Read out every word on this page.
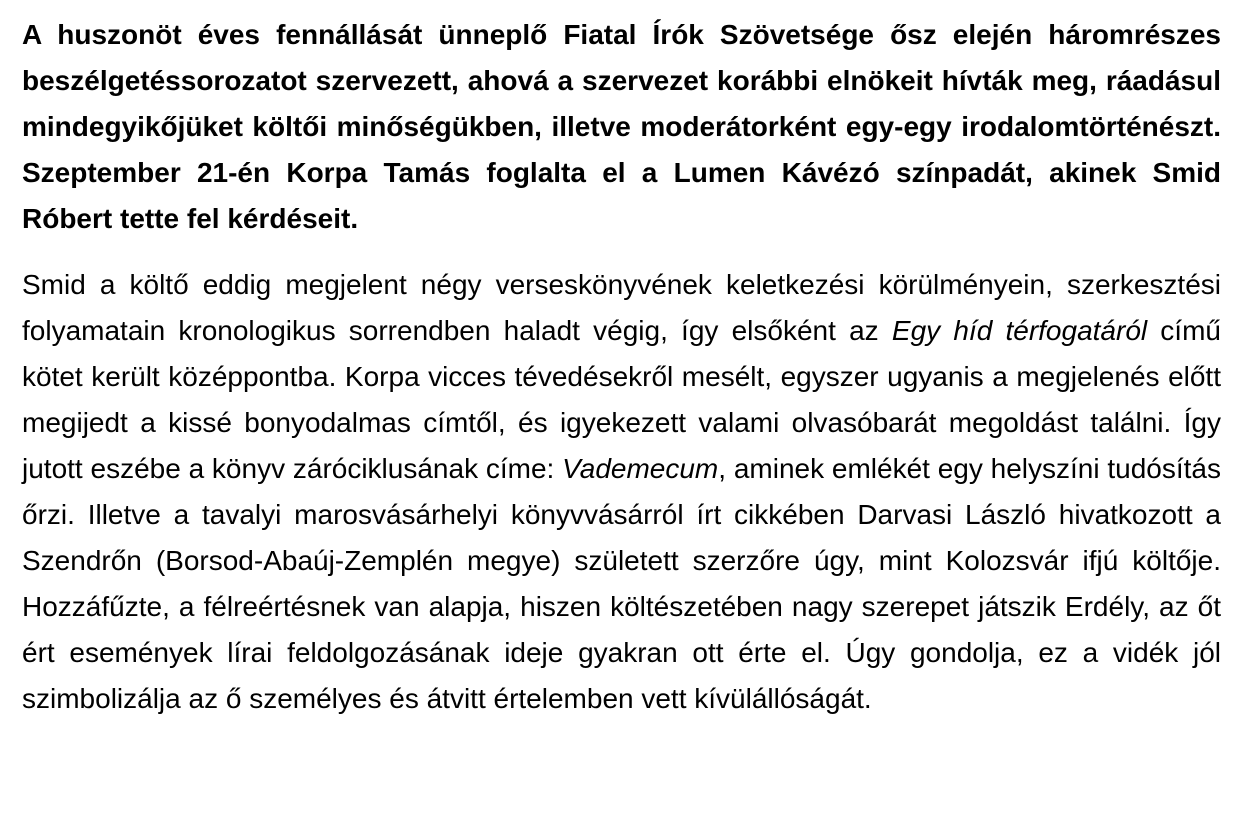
A huszonöt éves fennállását ünneplő Fiatal Írók Szövetsége ősz elején háromrészes beszélgetéssorozatot szervezett, ahová a szervezet korábbi elnökeit hívták meg, ráadásul mindegyikőjüket költői minőségükben, illetve moderátorként egy-egy irodalomtörténészt. Szeptember 21-én Korpa Tamás foglalta el a Lumen Kávézó színpadát, akinek Smid Róbert tette fel kérdéseit.

Smid a költő eddig megjelent négy verseskönyvének keletkezési körülményein, szerkesztési folyamatain kronologikus sorrendben haladt végig, így elsőként az Egy híd térfogatáról című kötet került középpontba. Korpa vicces tévedésekről mesélt, egyszer ugyanis a megjelenés előtt megijedt a kissé bonyodalmas címtől, és igyekezett valami olvasóbarát megoldást találni. Így jutott eszébe a könyv záróciklusának címe: Vademecum, aminek emlékét egy helyszíni tudósítás őrzi. Illetve a tavalyi marosvásárhelyi könyvvásárról írt cikkében Darvasi László hivatkozott a Szendrőn (Borsod-Abaúj-Zemplén megye) született szerzőre úgy, mint Kolozsvár ifjú költője. Hozzáfűzte, a félreértésnek van alapja, hiszen költészetében nagy szerepet játszik Erdély, az őt ért események lírai feldolgozásának ideje gyakran ott érte el. Úgy gondolja, ez a vidék jól szimbolizálja az ő személyes és átvitt értelemben vett kívülállóságát.
